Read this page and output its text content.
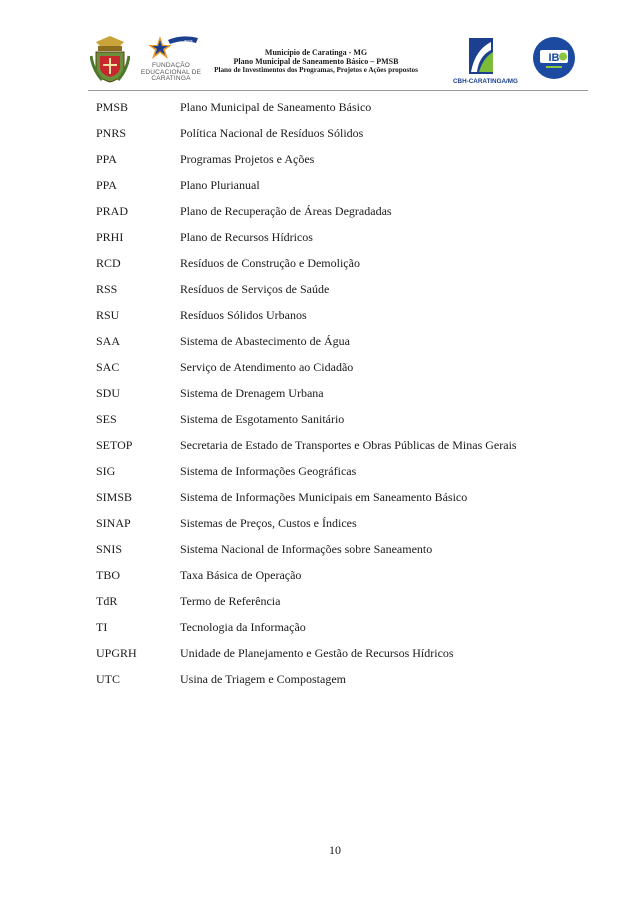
anos
FUNDAÇÃO
EDUCACIONAL DE
CARATINGA
Município de Caratinga - MG
Plano Municipal de Saneamento Básico – PMSB
Plano de Investimentos dos Programas, Projetos e Ações propostos
CBH-CARATINGA/MG
IB
PMSB	Plano Municipal de Saneamento Básico
PNRS	Política Nacional de Resíduos Sólidos
PPA	Programas Projetos e Ações
PPA	Plano Plurianual
PRAD	Plano de Recuperação de Áreas Degradadas
PRHI	Plano de Recursos Hídricos
RCD	Resíduos de Construção e Demolição
RSS	Resíduos de Serviços de Saúde
RSU	Resíduos Sólidos Urbanos
SAA	Sistema de Abastecimento de Água
SAC	Serviço de Atendimento ao Cidadão
SDU	Sistema de Drenagem Urbana
SES	Sistema de Esgotamento Sanitário
SETOP	Secretaria de Estado de Transportes e Obras Públicas de Minas Gerais
SIG	Sistema de Informações Geográficas
SIMSB	Sistema de Informações Municipais em Saneamento Básico
SINAP	Sistemas de Preços, Custos e Índices
SNIS	Sistema Nacional de Informações sobre Saneamento
TBO	Taxa Básica de Operação
TdR	Termo de Referência
TI	Tecnologia da Informação
UPGRH	Unidade de Planejamento e Gestão de Recursos Hídricos
UTC	Usina de Triagem e Compostagem
10
